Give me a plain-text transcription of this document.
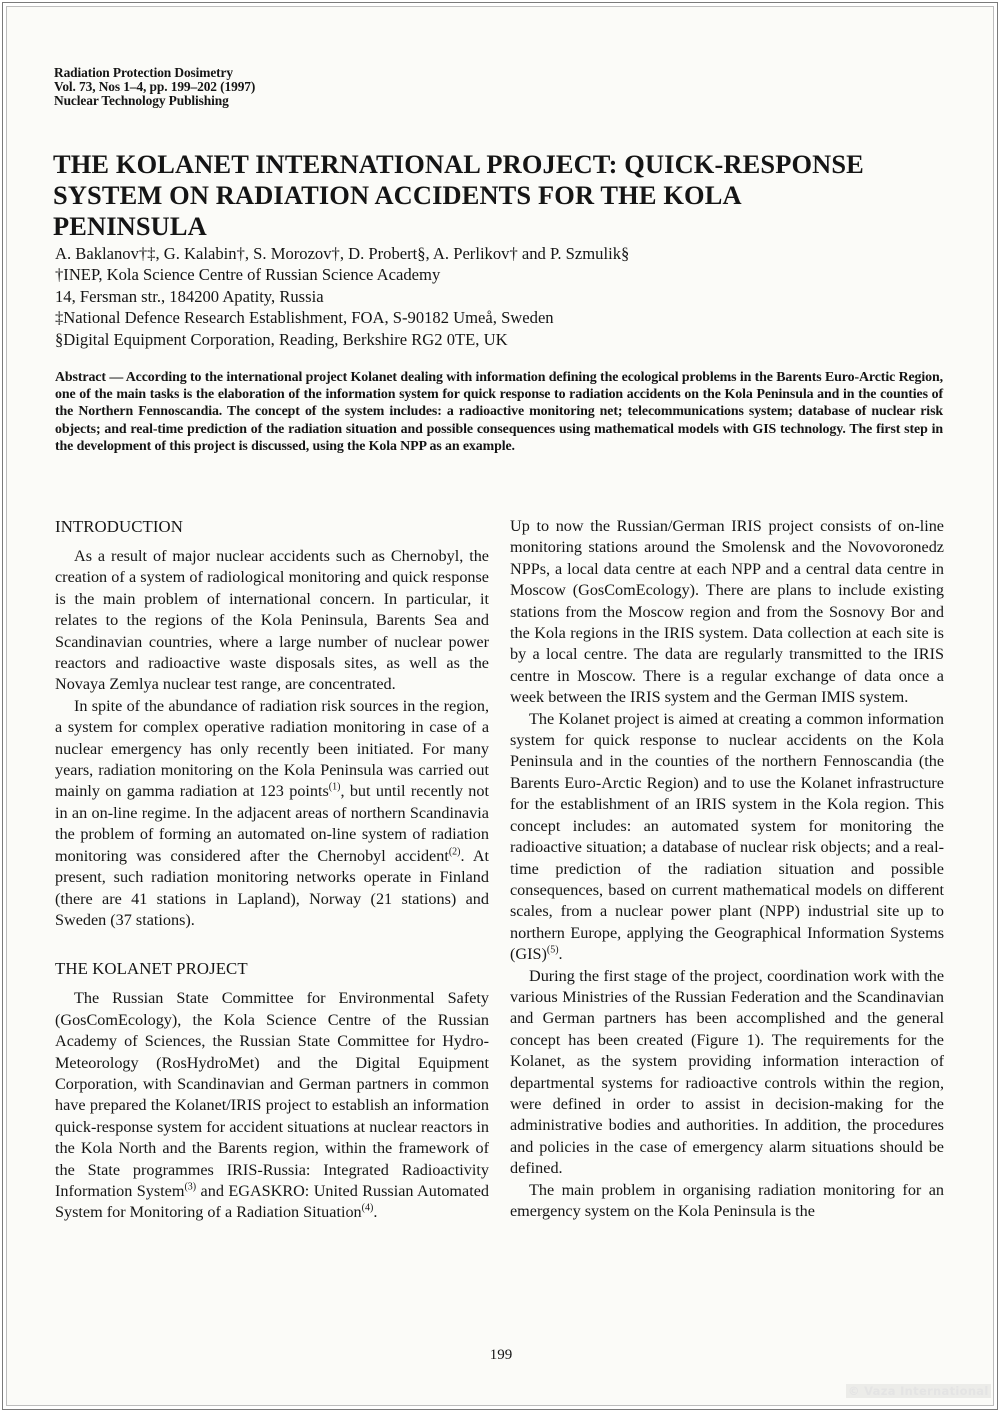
Radiation Protection Dosimetry
Vol. 73, Nos 1–4, pp. 199–202 (1997)
Nuclear Technology Publishing
THE KOLANET INTERNATIONAL PROJECT: QUICK-RESPONSE
SYSTEM ON RADIATION ACCIDENTS FOR THE KOLA
PENINSULA
A. Baklanov†‡, G. Kalabin†, S. Morozov†, D. Probert§, A. Perlikov† and P. Szmulik§
†INEP, Kola Science Centre of Russian Science Academy
14, Fersman str., 184200 Apatity, Russia
‡National Defence Research Establishment, FOA, S-90182 Umeå, Sweden
§Digital Equipment Corporation, Reading, Berkshire RG2 0TE, UK
Abstract — According to the international project Kolanet dealing with information defining the ecological problems in the Barents Euro-Arctic Region, one of the main tasks is the elaboration of the information system for quick response to radiation accidents on the Kola Peninsula and in the counties of the Northern Fennoscandia. The concept of the system includes: a radioactive monitoring net; telecommunications system; database of nuclear risk objects; and real-time prediction of the radiation situation and possible consequences using mathematical models with GIS technology. The first step in the development of this project is discussed, using the Kola NPP as an example.
INTRODUCTION

As a result of major nuclear accidents such as Chernobyl, the creation of a system of radiological monitoring and quick response is the main problem of international concern. In particular, it relates to the regions of the Kola Peninsula, Barents Sea and Scandinavian countries, where a large number of nuclear power reactors and radioactive waste disposals sites, as well as the Novaya Zemlya nuclear test range, are concentrated.

In spite of the abundance of radiation risk sources in the region, a system for complex operative radiation monitoring in case of a nuclear emergency has only recently been initiated. For many years, radiation monitoring on the Kola Peninsula was carried out mainly on gamma radiation at 123 points$^{(1)}$, but until recently not in an on-line regime. In the adjacent areas of northern Scandinavia the problem of forming an automated on-line system of radiation monitoring was considered after the Chernobyl accident$^{(2)}$. At present, such radiation monitoring networks operate in Finland (there are 41 stations in Lapland), Norway (21 stations) and Sweden (37 stations).

THE KOLANET PROJECT

The Russian State Committee for Environmental Safety (GosComEcology), the Kola Science Centre of the Russian Academy of Sciences, the Russian State Committee for Hydro-Meteorology (RosHydroMet) and the Digital Equipment Corporation, with Scandinavian and German partners in common have prepared the Kolanet/IRIS project to establish an information quick-response system for accident situations at nuclear reactors in the Kola North and the Barents region, within the framework of the State programmes IRIS-Russia: Integrated Radioactivity Information System$^{(3)}$ and EGASKRO: United Russian Automated System for Monitoring of a Radiation Situation$^{(4)}$.

Up to now the Russian/German IRIS project consists of on-line monitoring stations around the Smolensk and the Novovoronedz NPPs, a local data centre at each NPP and a central data centre in Moscow (GosComEcology). There are plans to include existing stations from the Moscow region and from the Sosnovy Bor and the Kola regions in the IRIS system. Data collection at each site is by a local centre. The data are regularly transmitted to the IRIS centre in Moscow. There is a regular exchange of data once a week between the IRIS system and the German IMIS system.

The Kolanet project is aimed at creating a common information system for quick response to nuclear accidents on the Kola Peninsula and in the counties of the northern Fennoscandia (the Barents Euro-Arctic Region) and to use the Kolanet infrastructure for the establishment of an IRIS system in the Kola region. This concept includes: an automated system for monitoring the radioactive situation; a database of nuclear risk objects; and a real-time prediction of the radiation situation and possible consequences, based on current mathematical models on different scales, from a nuclear power plant (NPP) industrial site up to northern Europe, applying the Geographical Information Systems (GIS)$^{(5)}$.

During the first stage of the project, coordination work with the various Ministries of the Russian Federation and the Scandinavian and German partners has been accomplished and the general concept has been created (Figure 1). The requirements for the Kolanet, as the system providing information interaction of departmental systems for radioactive controls within the region, were defined in order to assist in decision-making for the administrative bodies and authorities. In addition, the procedures and policies in the case of emergency alarm situations should be defined.

The main problem in organising radiation monitoring for an emergency system on the Kola Peninsula is the

199
© Vaza International
